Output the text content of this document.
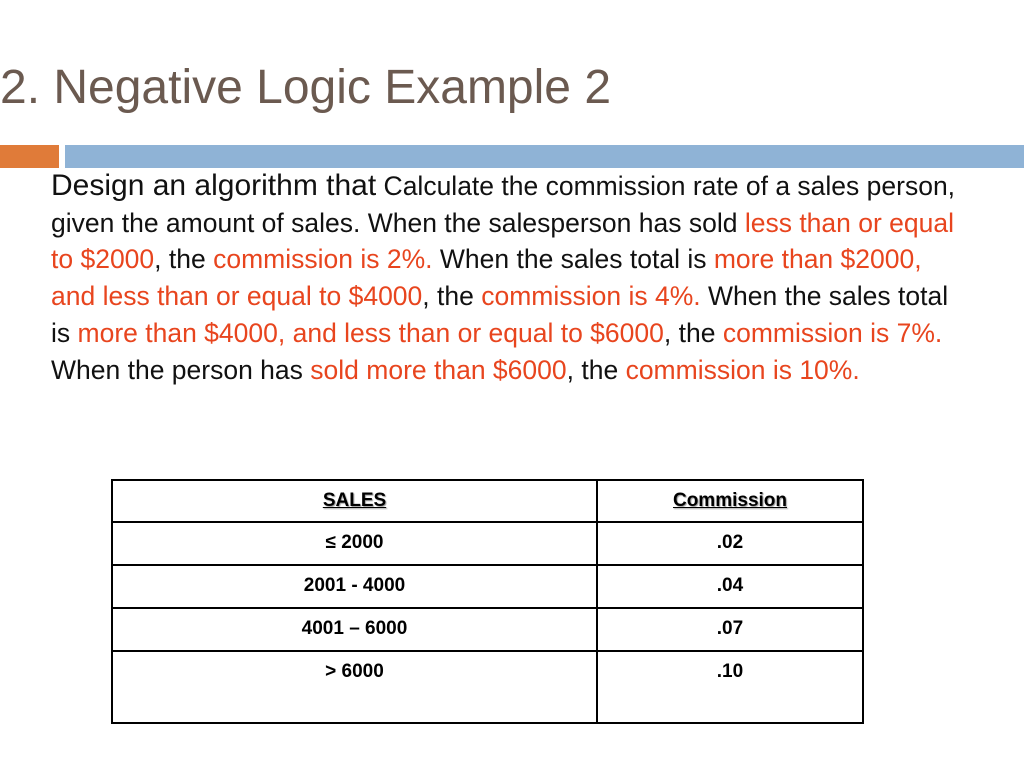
2. Negative Logic Example 2
Design an algorithm that Calculate the commission rate of a sales person, given the amount of sales. When the salesperson has sold less than or equal to $2000, the commission is 2%. When the sales total is more than $2000, and less than or equal to $4000, the commission is 4%. When the sales total is more than $4000, and less than or equal to $6000, the commission is 7%. When the person has sold more than $6000, the commission is 10%.
SALES	Commission
≤ 2000	.02
2001 - 4000	.04
4001 – 6000	.07
> 6000	.10
